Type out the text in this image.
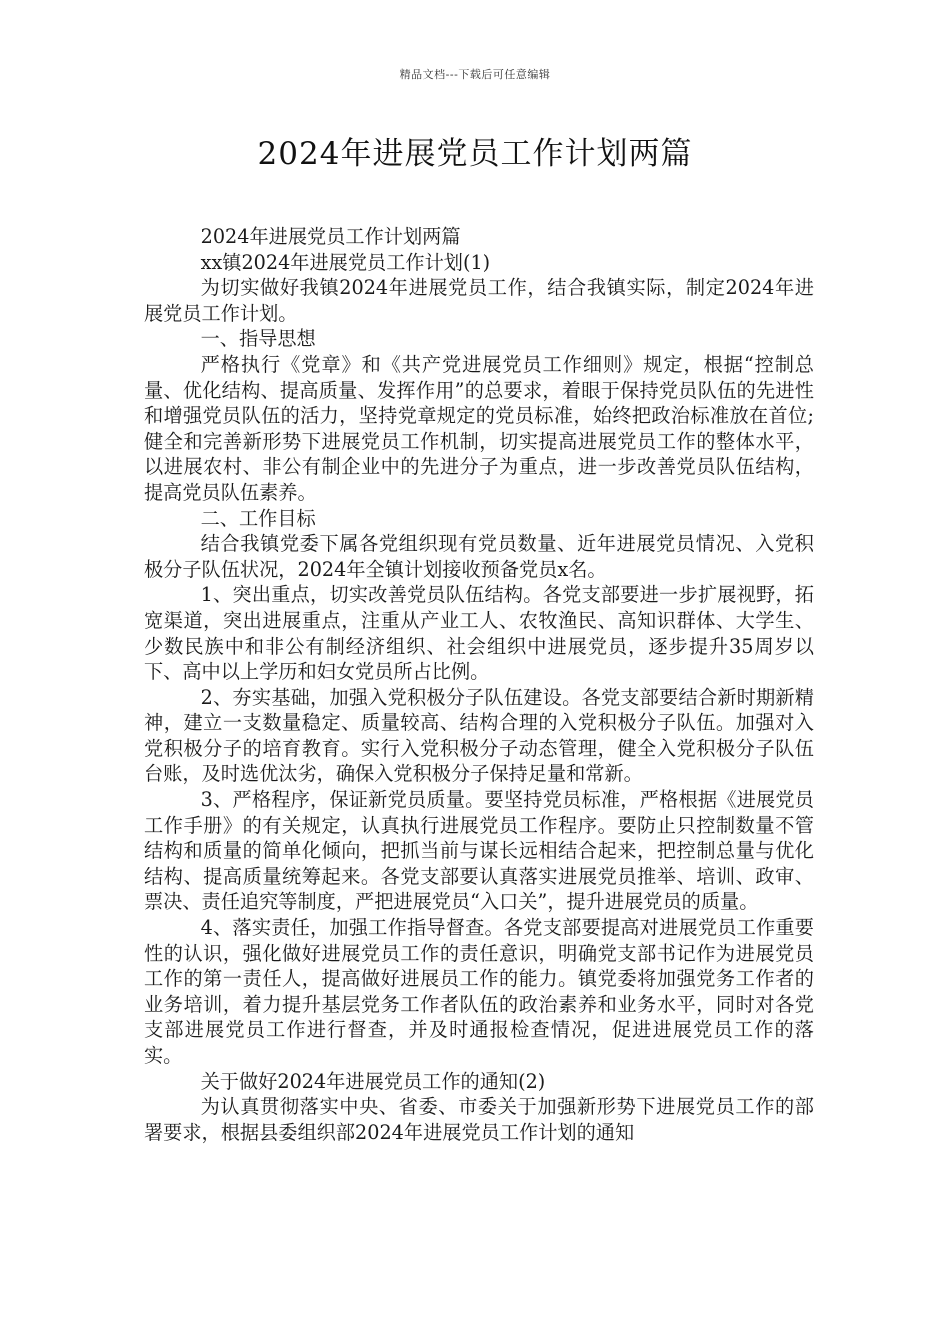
精品文档---下载后可任意编辑
2024年进展党员工作计划两篇

2024年进展党员工作计划两篇

xx镇2024年进展党员工作计划(1)

为切实做好我镇2024年进展党员工作，结合我镇实际，制定2024年进展党员工作计划。

一、指导思想

严格执行《党章》和《共产党进展党员工作细则》规定，根据“控制总量、优化结构、提高质量、发挥作用”的总要求，着眼于保持党员队伍的先进性和增强党员队伍的活力，坚持党章规定的党员标准，始终把政治标准放在首位;健全和完善新形势下进展党员工作机制，切实提高进展党员工作的整体水平，以进展农村、非公有制企业中的先进分子为重点，进一步改善党员队伍结构，提高党员队伍素养。

二、工作目标

结合我镇党委下属各党组织现有党员数量、近年进展党员情况、入党积极分子队伍状况，2024年全镇计划接收预备党员x名。

1、突出重点，切实改善党员队伍结构。各党支部要进一步扩展视野，拓宽渠道，突出进展重点，注重从产业工人、农牧渔民、高知识群体、大学生、少数民族中和非公有制经济组织、社会组织中进展党员，逐步提升35周岁以下、高中以上学历和妇女党员所占比例。

2、夯实基础，加强入党积极分子队伍建设。各党支部要结合新时期新精神，建立一支数量稳定、质量较高、结构合理的入党积极分子队伍。加强对入党积极分子的培育教育。实行入党积极分子动态管理，健全入党积极分子队伍台账，及时选优汰劣，确保入党积极分子保持足量和常新。

3、严格程序，保证新党员质量。要坚持党员标准，严格根据《进展党员工作手册》的有关规定，认真执行进展党员工作程序。要防止只控制数量不管结构和质量的简单化倾向，把抓当前与谋长远相结合起来，把控制总量与优化结构、提高质量统筹起来。各党支部要认真落实进展党员推举、培训、政审、票决、责任追究等制度，严把进展党员“入口关”，提升进展党员的质量。

4、落实责任，加强工作指导督查。各党支部要提高对进展党员工作重要性的认识，强化做好进展党员工作的责任意识，明确党支部书记作为进展党员工作的第一责任人，提高做好进展员工作的能力。镇党委将加强党务工作者的业务培训，着力提升基层党务工作者队伍的政治素养和业务水平，同时对各党支部进展党员工作进行督查，并及时通报检查情况，促进进展党员工作的落实。

关于做好2024年进展党员工作的通知(2)

为认真贯彻落实中央、省委、市委关于加强新形势下进展党员工作的部署要求，根据县委组织部2024年进展党员工作计划的通知
